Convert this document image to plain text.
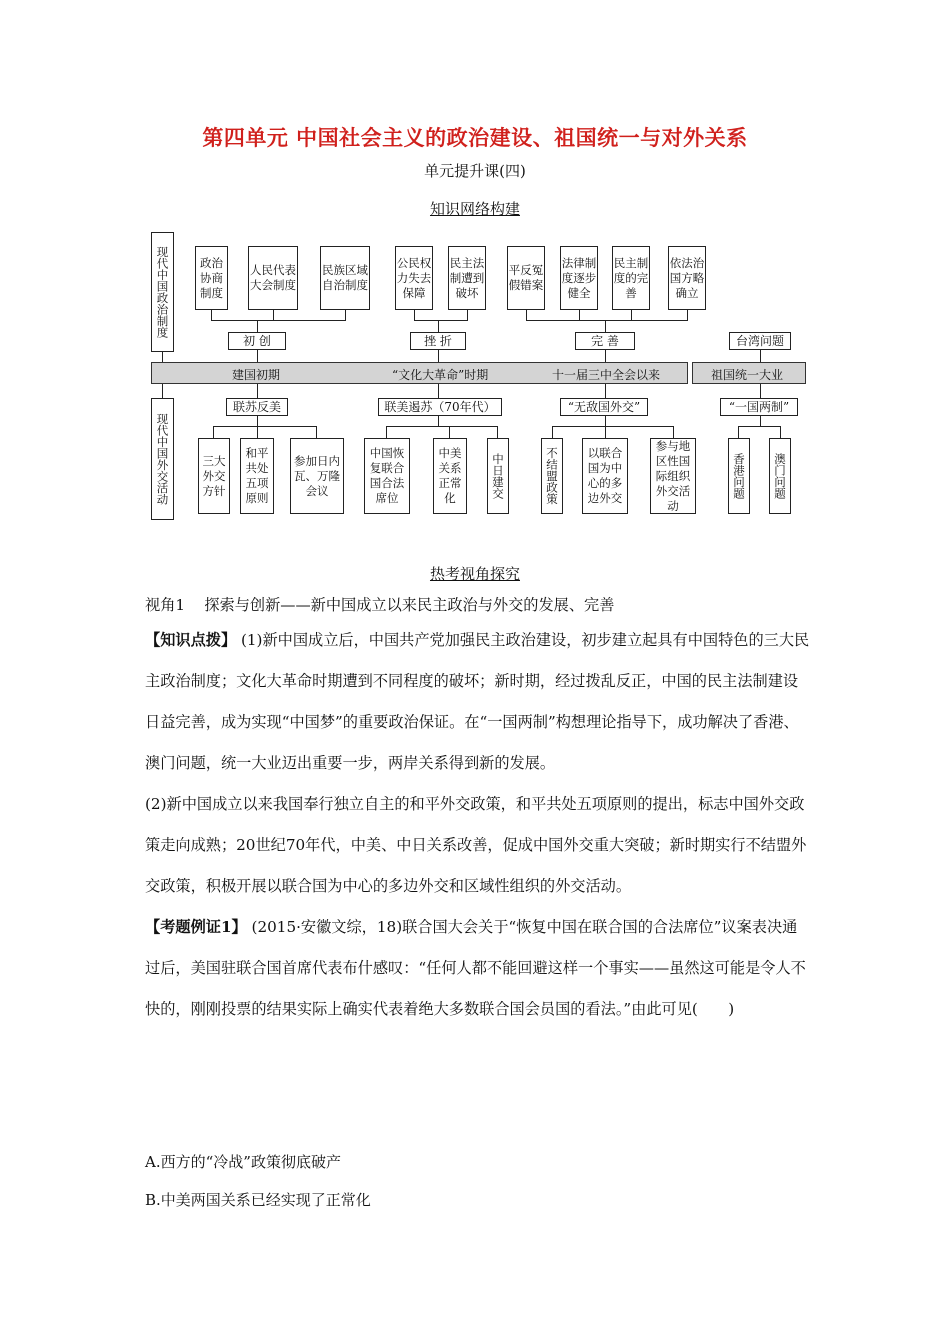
第四单元 中国社会主义的政治建设、祖国统一与对外关系
单元提升课(四)
知识网络构建
现代中国政治制度
现代中国外交活动
政治协商制度
人民代表大会制度
民族区域自治制度
公民权力失去保障
民主法制遭到破坏
平反冤假错案
法律制度逐步健全
民主制度的完善
依法治国方略确立
初 创	挫 折	完 善	台湾问题
建国初期	“文化大革命”时期	十一届三中全会以来	祖国统一大业
联苏反美	联美遏苏（70年代）	“无敌国外交”	“一国两制”
三大外交方针
和平共处五项原则
参加日内瓦、万隆会议
中国恢复联合国合法席位
中美关系正常化	中日建交	不结盟政策	以联合国为中心的多边外交
参与地区性国际组织外交活动
香港问题	澳门问题
热考视角探究

视角1    探索与创新——新中国成立以来民主政治与外交的发展、完善

【知识点拨】 (1)新中国成立后，中国共产党加强民主政治建设，初步建立起具有中国特色的三大民主政治制度；文化大革命时期遭到不同程度的破坏；新时期，经过拨乱反正，中国的民主法制建设日益完善，成为实现“中国梦”的重要政治保证。在“一国两制”构想理论指导下，成功解决了香港、澳门问题，统一大业迈出重要一步，两岸关系得到新的发展。

(2)新中国成立以来我国奉行独立自主的和平外交政策，和平共处五项原则的提出，标志中国外交政策走向成熟；20世纪70年代，中美、中日关系改善，促成中国外交重大突破；新时期实行不结盟外交政策，积极开展以联合国为中心的多边外交和区域性组织的外交活动。

【考题例证1】 (2015·安徽文综，18)联合国大会关于“恢复中国在联合国的合法席位”议案表决通过后，美国驻联合国首席代表布什感叹：“任何人都不能回避这样一个事实——虽然这可能是令人不快的，刚刚投票的结果实际上确实代表着绝大多数联合国会员国的看法。”由此可见(　　)

A.西方的“冷战”政策彻底破产
B.中美两国关系已经实现了正常化
